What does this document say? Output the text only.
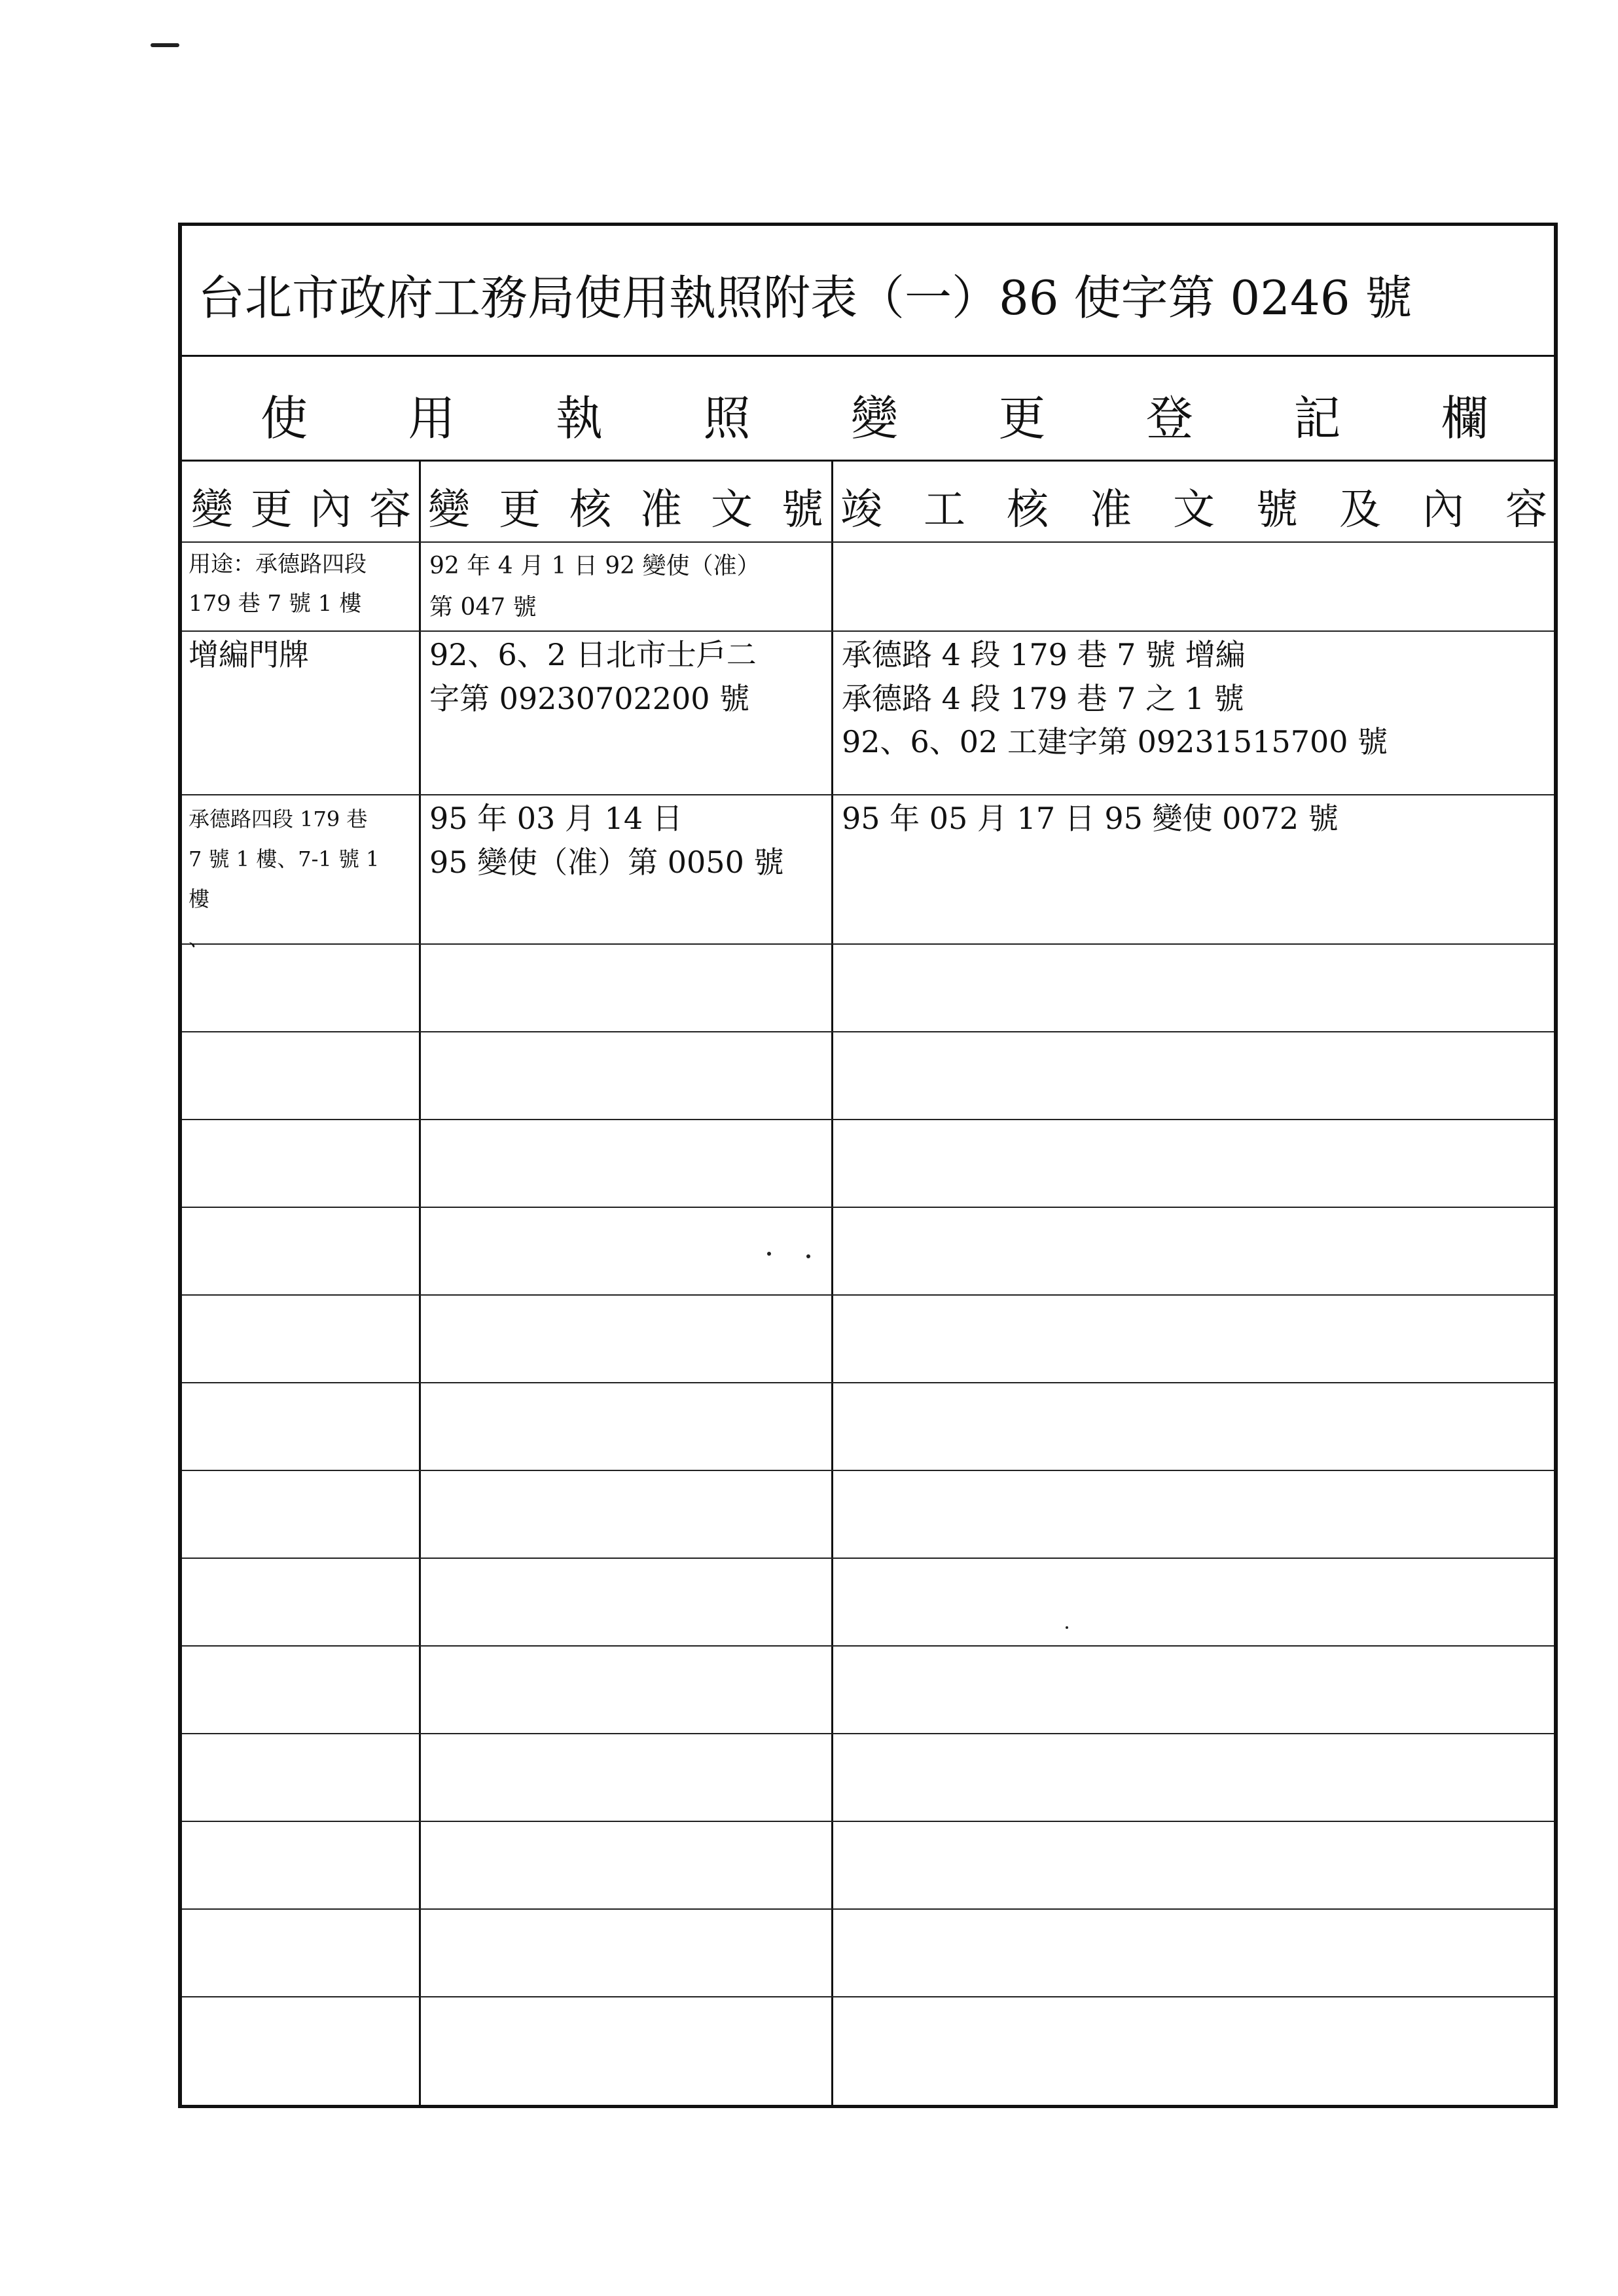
台北市政府工務局使用執照附表（一）86 使字第 0246 號
使 用 執 照 變 更 登 記 欄
變 更 內 容 變 更 核 准 文 號 竣 工 核 准 文 號 及 內 容
用途：承德路四段
179 巷 7 號 1 樓
92 年 4 月 1 日 92 變使（准）
第 047 號
增編門牌	92、6、2 日北市士戶二
字第 09230702200 號
承德路 4 段 179 巷 7 號 增編
承德路 4 段 179 巷 7 之 1 號
92、6、02 工建字第 09231515700 號
承德路四段 179 巷
7 號 1 樓、7-1 號 1
樓
、
95 年 03 月 14 日
95 變使（准）第 0050 號
95 年 05 月 17 日 95 變使 0072 號
